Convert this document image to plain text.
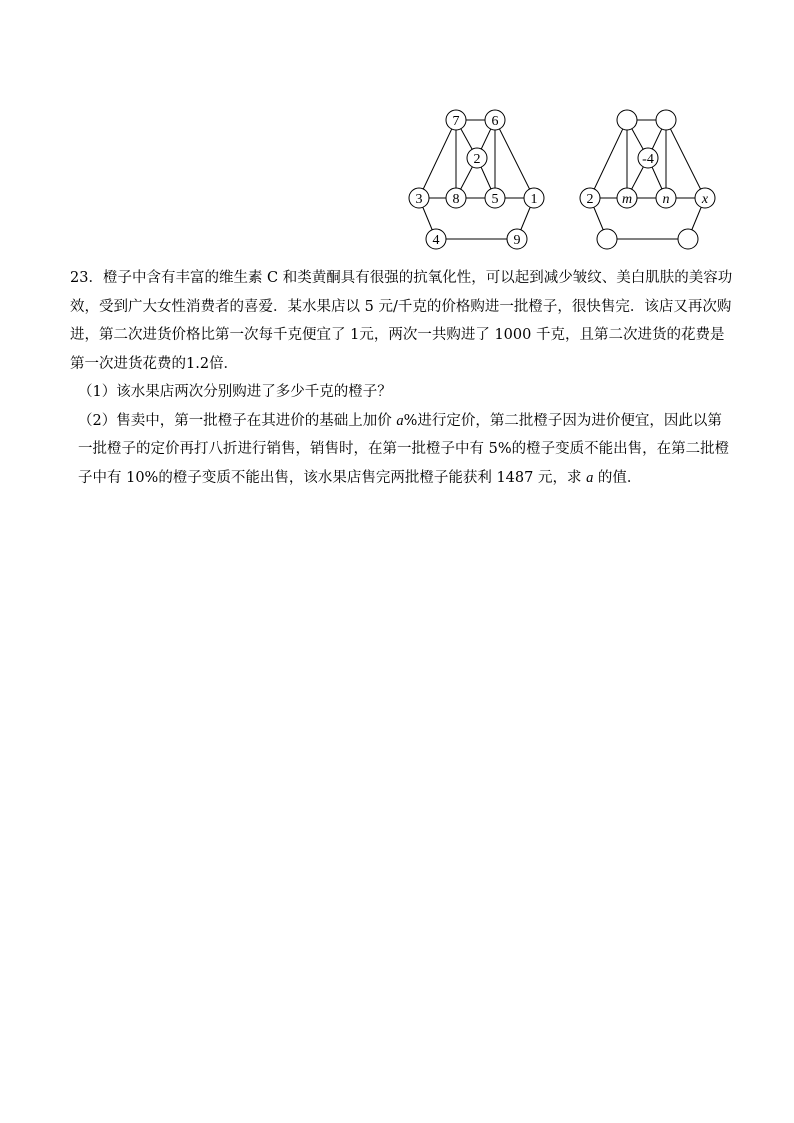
7 6
2
3 8 5 1
4	9
-4
2 m n x

23．橙子中含有丰富的维生素 C 和类黄酮具有很强的抗氧化性，可以起到减少皱纹、美白肌肤的美容功效，受到广大女性消费者的喜爱．某水果店以 5 元/千克的价格购进一批橙子，很快售完．该店又再次购进，第二次进货价格比第一次每千克便宜了 1元，两次一共购进了 1000 千克，且第二次进货的花费是第一次进货花费的1.2倍．

（1）该水果店两次分别购进了多少千克的橙子？

（2）售卖中，第一批橙子在其进价的基础上加价 a%进行定价，第二批橙子因为进价便宜，因此以第一批橙子的定价再打八折进行销售，销售时，在第一批橙子中有 5%的橙子变质不能出售，在第二批橙子中有 10%的橙子变质不能出售，该水果店售完两批橙子能获利 1487 元，求 a 的值．
